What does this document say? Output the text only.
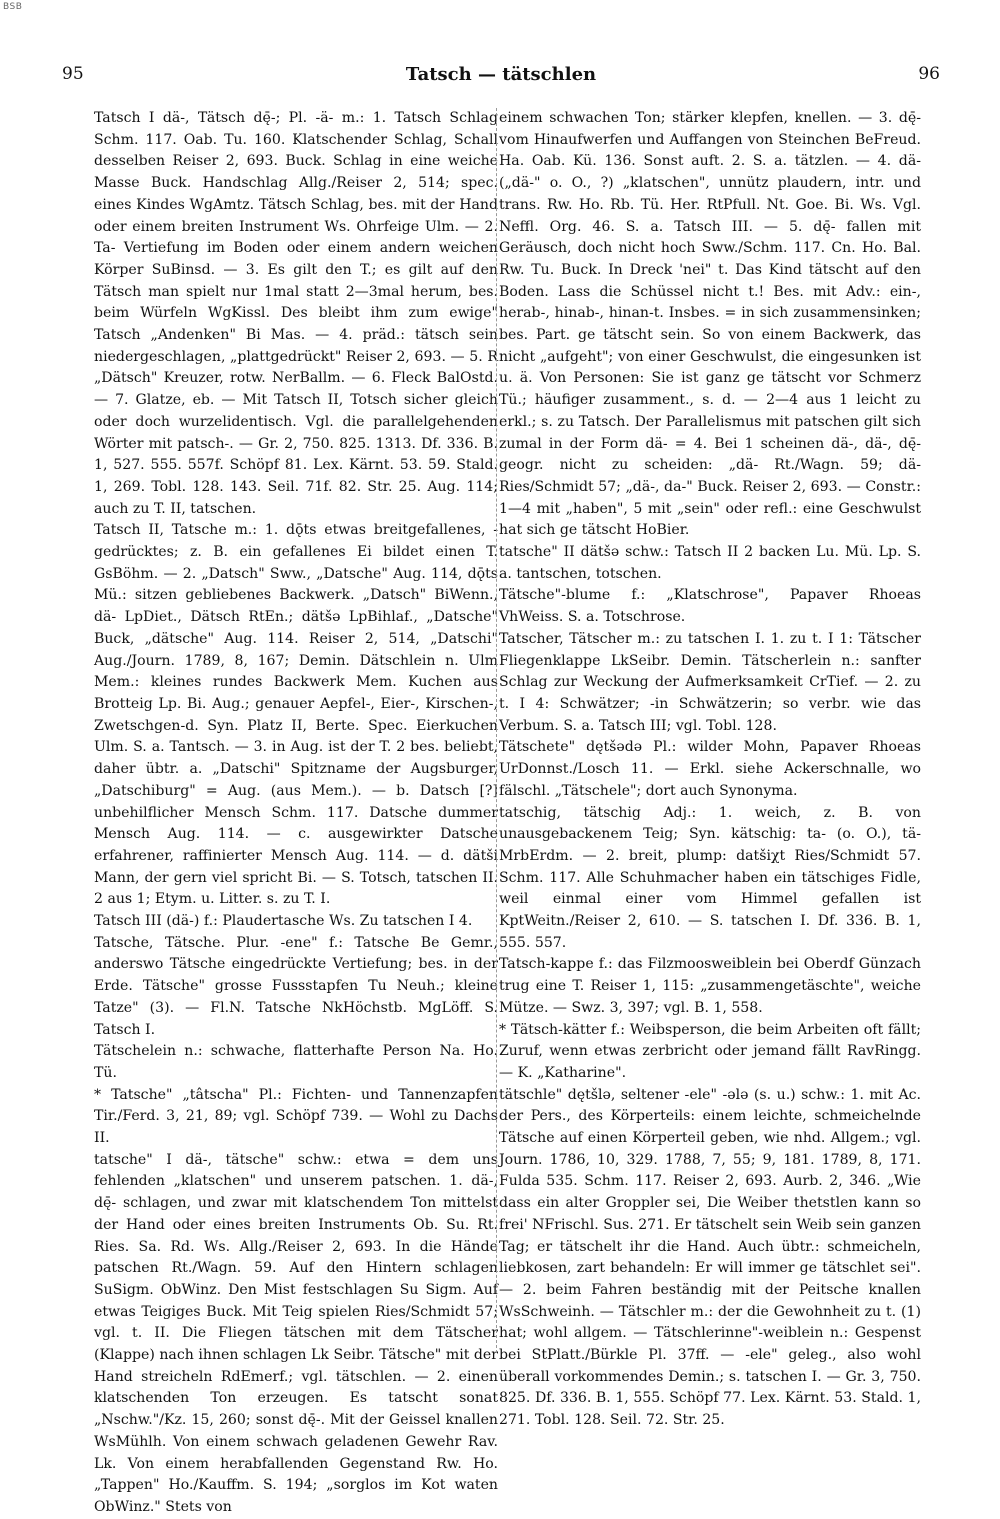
BSB
95	Tatsch — tätschlen	96

Tatsch I dä-, Tätsch dę̄-; Pl. -ä- m.: 1. Tatsch Schlag Schm. 117. Oab. Tu. 160. Klatschender Schlag, Schall desselben Reiser 2, 693. Buck. Schlag in eine weiche Masse Buck. Handschlag Allg./Reiser 2, 514; spec. eines Kindes WgAmtz. Tätsch Schlag, bes. mit der Hand oder einem breiten Instrument Ws. Ohrfeige Ulm. — 2. Ta- Vertiefung im Boden oder einem andern weichen Körper SuBinsd. — 3. Es gilt den T.; es gilt auf den Tätsch man spielt nur 1mal statt 2—3mal herum, bes. beim Würfeln WgKissl. Des bleibt ihm zum ewige" Tatsch „Andenken" Bi Mas. — 4. präd.: tätsch sein niedergeschlagen, „plattgedrückt" Reiser 2, 693. — 5. R „Dätsch" Kreuzer, rotw. NerBallm. — 6. Fleck BalOstd. — 7. Glatze, eb. — Mit Tatsch II, Totsch sicher gleich oder doch wurzelidentisch. Vgl. die parallelgehenden Wörter mit patsch-. — Gr. 2, 750. 825. 1313. Df. 336. B. 1, 527. 555. 557f. Schöpf 81. Lex. Kärnt. 53. 59. Stald. 1, 269. Tobl. 128. 143. Seil. 71f. 82. Str. 25. Aug. 114; auch zu T. II, tatschen.

Tatsch II, Tatsche m.: 1. dǭts etwas breitgefallenes, -gedrücktes; z. B. ein gefallenes Ei bildet einen T. GsBöhm. — 2. „Datsch" Sww., „Datsche" Aug. 114, dǭts Mü.: sitzen gebliebenes Backwerk. „Datsch" BiWenn., dä- LpDiet., Dätsch RtEn.; dätšə LpBihlaf., „Datsche" Buck, „dätsche" Aug. 114. Reiser 2, 514, „Datschi" Aug./Journ. 1789, 8, 167; Demin. Dätschlein n. Ulm Mem.: kleines rundes Backwerk Mem. Kuchen aus Brotteig Lp. Bi. Aug.; genauer Aepfel-, Eier-, Kirschen-, Zwetschgen-d. Syn. Platz II, Berte. Spec. Eierkuchen Ulm. S. a. Tantsch. — 3. in Aug. ist der T. 2 bes. beliebt, daher übtr. a. „Datschi" Spitzname der Augsburger, „Datschiburg" = Aug. (aus Mem.). — b. Datsch [?] unbehilflicher Mensch Schm. 117. Datsche dummer Mensch Aug. 114. — c. ausgewirkter Datsche erfahrener, raffinierter Mensch Aug. 114. — d. dätši Mann, der gern viel spricht Bi. — S. Totsch, tatschen II. 2 aus 1; Etym. u. Litter. s. zu T. I.

Tatsch III (dä-) f.: Plaudertasche Ws. Zu tatschen I 4.

Tatsche, Tätsche. Plur. -ene" f.: Tatsche Be Gemr., anderswo Tätsche eingedrückte Vertiefung; bes. in der Erde. Tätsche" grosse Fussstapfen Tu Neuh.; kleine Tatze" (3). — Fl.N. Tatsche NkHöchstb. MgLöff. S. Tatsch I.

Tätschelein n.: schwache, flatterhafte Person Na. Ho. Tü.

* Tatsche" „tâtscha" Pl.: Fichten- und Tannenzapfen Tir./Ferd. 3, 21, 89; vgl. Schöpf 739. — Wohl zu Dachs II.

tatsche" I dä-, tätsche" schw.: etwa = dem uns fehlenden „klatschen" und unserem patschen. 1. dä-, dę̄- schlagen, und zwar mit klatschendem Ton mittelst der Hand oder eines breiten Instruments Ob. Su. Rt. Ries. Sa. Rd. Ws. Allg./Reiser 2, 693. In die Hände patschen Rt./Wagn. 59. Auf den Hintern schlagen SuSigm. ObWinz. Den Mist festschlagen Su Sigm. Auf etwas Teigiges Buck. Mit Teig spielen Ries/Schmidt 57; vgl. t. II. Die Fliegen tätschen mit dem Tätscher (Klappe) nach ihnen schlagen Lk Seibr. Tätsche" mit der Hand streicheln RdEmerf.; vgl. tätschlen. — 2. einen klatschenden Ton erzeugen. Es tatscht sonat „Nschw."/Kz. 15, 260; sonst dę̄-. Mit der Geissel knallen WsMühlh. Von einem schwach geladenen Gewehr Rav. Lk. Von einem herabfallenden Gegenstand Rw. Ho. „Tappen" Ho./Kauffm. S. 194; „sorglos im Kot waten ObWinz." Stets von

einem schwachen Ton; stärker klepfen, knellen. — 3. dę̄- vom Hinaufwerfen und Auffangen von Steinchen BeFreud. Ha. Oab. Kü. 136. Sonst auft. 2. S. a. tätzlen. — 4. dä- („dä-" o. O., ?) „klatschen", unnütz plaudern, intr. und trans. Rw. Ho. Rb. Tü. Her. RtPfull. Nt. Goe. Bi. Ws. Vgl. Neffl. Org. 46. S. a. Tatsch III. — 5. dę̄- fallen mit Geräusch, doch nicht hoch Sww./Schm. 117. Cn. Ho. Bal. Rw. Tu. Buck. In Dreck 'nei" t. Das Kind tätscht auf den Boden. Lass die Schüssel nicht t.! Bes. mit Adv.: ein-, herab-, hinab-, hinan-t. Insbes. = in sich zusammensinken; bes. Part. ge tätscht sein. So von einem Backwerk, das nicht „aufgeht"; von einer Geschwulst, die eingesunken ist u. ä. Von Personen: Sie ist ganz ge tätscht vor Schmerz Tü.; häufiger zusamment., s. d. — 2—4 aus 1 leicht zu erkl.; s. zu Tatsch. Der Parallelismus mit patschen gilt sich zumal in der Form dä- = 4. Bei 1 scheinen dä-, dä-, dę̄- geogr. nicht zu scheiden: „dä- Rt./Wagn. 59; dä-Ries/Schmidt 57; „dä-, da-" Buck. Reiser 2, 693. — Constr.: 1—4 mit „haben", 5 mit „sein" oder refl.: eine Geschwulst hat sich ge tätscht HoBier.

tatsche" II dätšə schw.: Tatsch II 2 backen Lu. Mü. Lp. S. a. tantschen, totschen.

Tätsche"-blume f.: „Klatschrose", Papaver Rhoeas VhWeiss. S. a. Totschrose.

Tatscher, Tätscher m.: zu tatschen I. 1. zu t. I 1: Tätscher Fliegenklappe LkSeibr. Demin. Tätscherlein n.: sanfter Schlag zur Weckung der Aufmerksamkeit CrTief. — 2. zu t. I 4: Schwätzer; -in Schwätzerin; so verbr. wie das Verbum. S. a. Tatsch III; vgl. Tobl. 128.

Tätschete" dętšədə Pl.: wilder Mohn, Papaver Rhoeas UrDonnst./Losch 11. — Erkl. siehe Ackerschnalle, wo fälschl. „Tätschele"; dort auch Synonyma.

tatschig, tätschig Adj.: 1. weich, z. B. von unausgebackenem Teig; Syn. kätschig: ta- (o. O.), tä- MrbErdm. — 2. breit, plump: datšiχt Ries/Schmidt 57. Schm. 117. Alle Schuhmacher haben ein tätschiges Fidle, weil einmal einer vom Himmel gefallen ist KptWeitn./Reiser 2, 610. — S. tatschen I. Df. 336. B. 1, 555. 557.

Tatsch-kappe f.: das Filzmoosweiblein bei Oberdf Günzach trug eine T. Reiser 1, 115: „zusammengetäschte", weiche Mütze. — Swz. 3, 397; vgl. B. 1, 558.

* Tätsch-kätter f.: Weibsperson, die beim Arbeiten oft fällt; Zuruf, wenn etwas zerbricht oder jemand fällt RavRingg. — K. „Katharine".

tätschle" dętšlə, seltener -ele" -ələ (s. u.) schw.: 1. mit Ac. der Pers., des Körperteils: einem leichte, schmeichelnde Tätsche auf einen Körperteil geben, wie nhd. Allgem.; vgl. Journ. 1786, 10, 329. 1788, 7, 55; 9, 181. 1789, 8, 171. Fulda 535. Schm. 117. Reiser 2, 693. Aurb. 2, 346. „Wie dass ein alter Groppler sei, Die Weiber thetstlen kann so frei' NFrischl. Sus. 271. Er tätschelt sein Weib sein ganzen Tag; er tätschelt ihr die Hand. Auch übtr.: schmeicheln, liebkosen, zart behandeln: Er will immer ge tätschlet sei". — 2. beim Fahren beständig mit der Peitsche knallen WsSchweinh. — Tätschler m.: der die Gewohnheit zu t. (1) hat; wohl allgem. — Tätschlerinne"-weiblein n.: Gespenst bei StPlatt./Bürkle Pl. 37ff. — -ele" geleg., also wohl überall vorkommendes Demin.; s. tatschen I. — Gr. 3, 750. 825. Df. 336. B. 1, 555. Schöpf 77. Lex. Kärnt. 53. Stald. 1, 271. Tobl. 128. Seil. 72. Str. 25.
